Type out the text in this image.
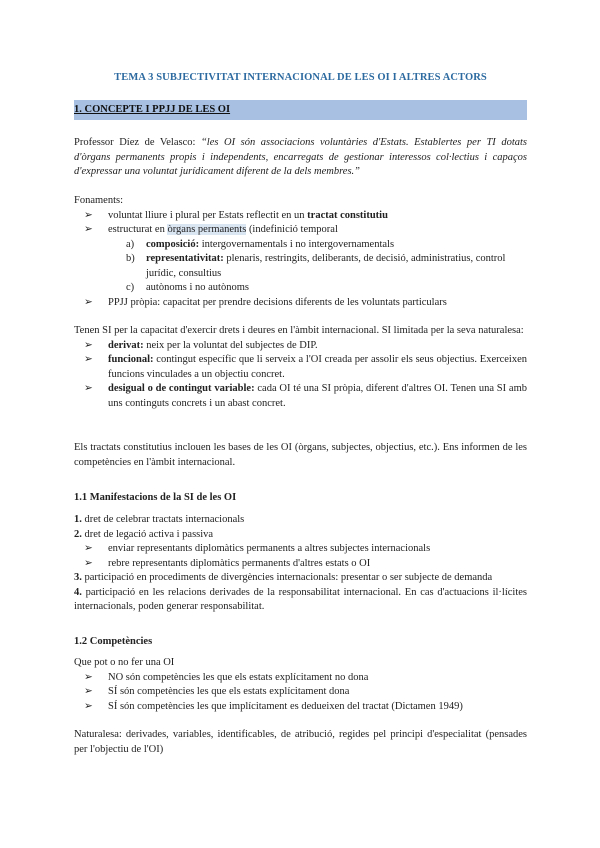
TEMA 3 SUBJECTIVITAT INTERNACIONAL DE LES OI I ALTRES ACTORS
1. CONCEPTE I PPJJ DE LES OI
Professor Díez de Velasco: “les OI són associacions voluntàries d'Estats. Establertes per TI dotats d'òrgans permanents propis i independents, encarregats de gestionar interessos col·lectius i capaços d'expressar una voluntat jurídicament diferent de la dels membres.”
Fonaments:
➢ voluntat lliure i plural per Estats reflectit en un tractat constitutiu
➢ estructurat en òrgans permanents (indefinició temporal
a) composició: intergovernamentals i no intergovernamentals
b) representativitat: plenaris, restringits, deliberants, de decisió, administratius, control jurídic, consultius
c) autònoms i no autònoms
➢ PPJJ pròpia: capacitat per prendre decisions diferents de les voluntats particulars
Tenen SI per la capacitat d'exercir drets i deures en l'àmbit internacional. SI limitada per la seva naturalesa:
➢ derivat: neix per la voluntat del subjectes de DIP.
➢ funcional: contingut específic que li serveix a l'OI creada per assolir els seus objectius. Exerceixen funcions vinculades a un objectiu concret.
➢ desigual o de contingut variable: cada OI té una SI pròpia, diferent d'altres OI. Tenen una SI amb uns continguts concrets i un abast concret.
Els tractats constitutius inclouen les bases de les OI (òrgans, subjectes, objectius, etc.). Ens informen de les competències en l'àmbit internacional.
1.1 Manifestacions de la SI de les OI
1. dret de celebrar tractats internacionals
2. dret de legació activa i passiva
➢ enviar representants diplomàtics permanents a altres subjectes internacionals
➢ rebre representants diplomàtics permanents d'altres estats o OI
3. participació en procediments de divergències internacionals: presentar o ser subjecte de demanda
4. participació en les relacions derivades de la responsabilitat internacional. En cas d'actuacions il·lícites internacionals, poden generar responsabilitat.
1.2 Competències
Que pot o no fer una OI
➢ NO són competències les que els estats explícitament no dona
➢ SÍ són competències les que els estats explícitament dona
➢ SÍ són competències les que implícitament es dedueixen del tractat (Dictamen 1949)
Naturalesa: derivades, variables, identificables, de atribució, regides pel principi d'especialitat (pensades per l'objectiu de l'OI)
